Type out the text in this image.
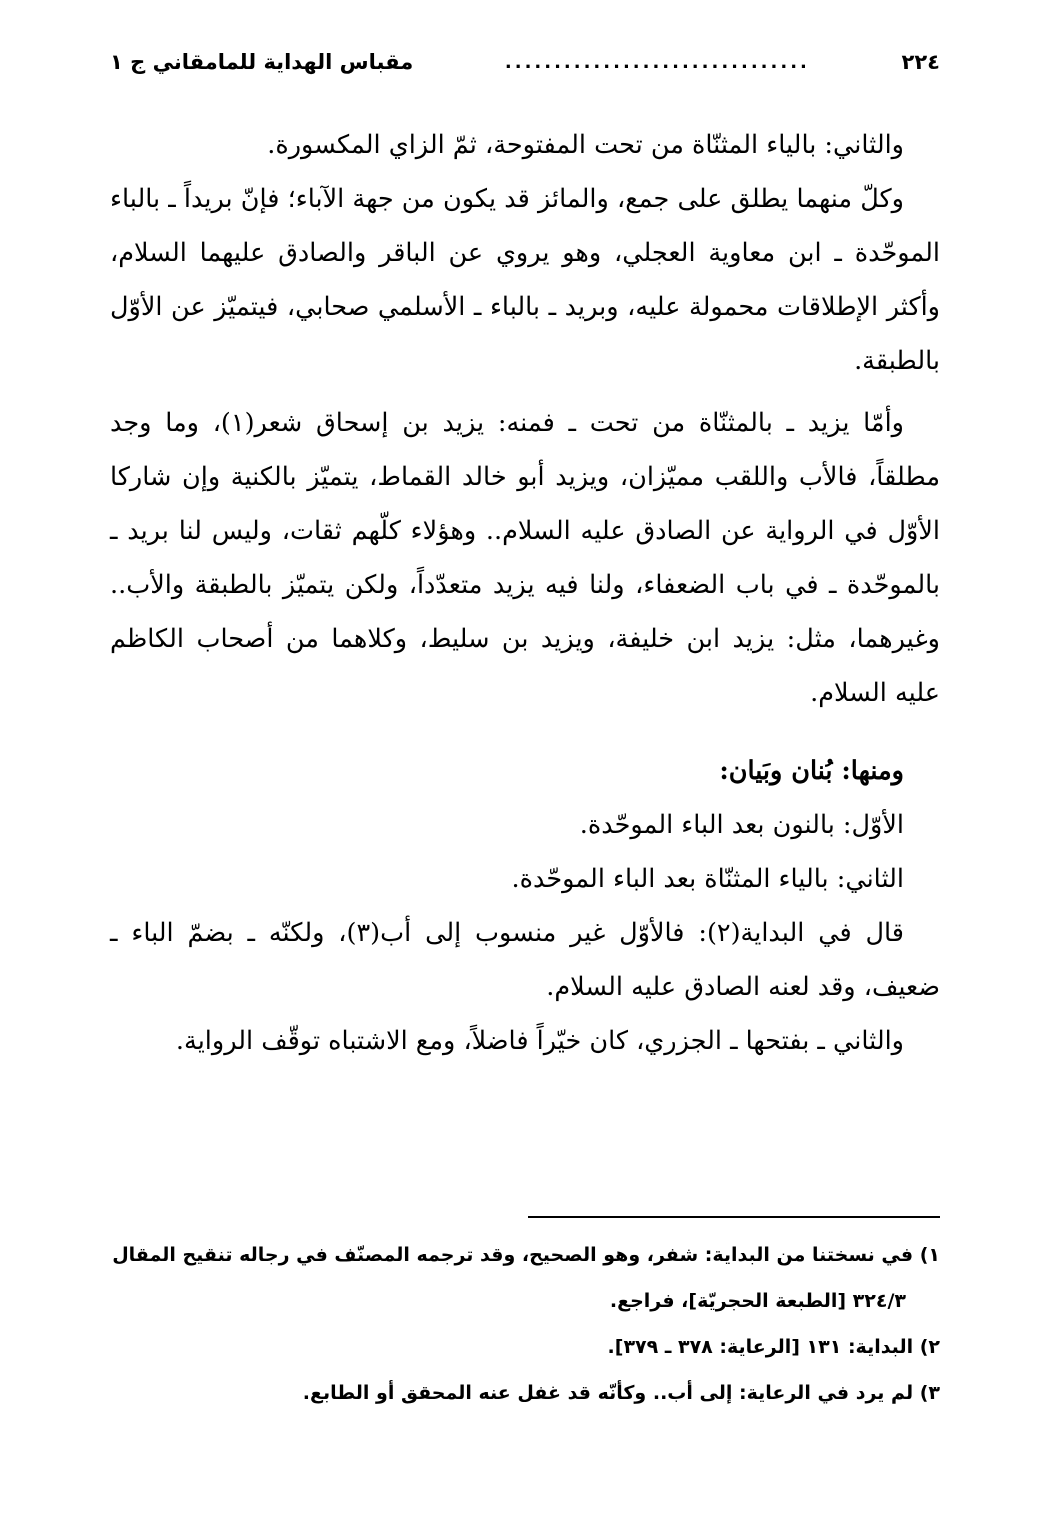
٢٢٤
...............................
مقباس الهداية للمامقاني ج ١

والثاني: بالياء المثنّاة من تحت المفتوحة، ثمّ الزاي المكسورة.

وكلّ منهما يطلق على جمع، والمائز قد يكون من جهة الآباء؛ فإنّ بريداً ـ بالباء الموحّدة ـ ابن معاوية العجلي، وهو يروي عن الباقر والصادق عليهما السلام، وأكثر الإطلاقات محمولة عليه، وبريد ـ بالباء ـ الأسلمي صحابي، فيتميّز عن الأوّل بالطبقة.

وأمّا يزيد ـ بالمثنّاة من تحت ـ فمنه: يزيد بن إسحاق شعر(١)، وما وجد مطلقاً، فالأب واللقب مميّزان، ويزيد أبو خالد القماط، يتميّز بالكنية وإن شاركا الأوّل في الرواية عن الصادق عليه السلام.. وهؤلاء كلّهم ثقات، وليس لنا بريد ـ بالموحّدة ـ في باب الضعفاء، ولنا فيه يزيد متعدّداً، ولكن يتميّز بالطبقة والأب.. وغيرهما، مثل: يزيد ابن خليفة، ويزيد بن سليط، وكلاهما من أصحاب الكاظم عليه السلام.

ومنها: بُنان وبَيان:

الأوّل: بالنون بعد الباء الموحّدة.

الثاني: بالياء المثنّاة بعد الباء الموحّدة.

قال في البداية(٢): فالأوّل غير منسوب إلى أب(٣)، ولكنّه ـ بضمّ الباء ـ ضعيف، وقد لعنه الصادق عليه السلام.

والثاني ـ بفتحها ـ الجزري، كان خيّراً فاضلاً، ومع الاشتباه توقّف الرواية.

١) في نسختنا من البداية: شفر، وهو الصحيح، وقد ترجمه المصنّف في رجاله تنقيح المقال

٣٢٤/٣ [الطبعة الحجريّة]، فراجع.

٢) البداية: ١٣١ [الرعاية: ٣٧٨ ـ ٣٧٩].

٣) لم يرد في الرعاية: إلى أب.. وكأنّه قد غفل عنه المحقق أو الطابع.
